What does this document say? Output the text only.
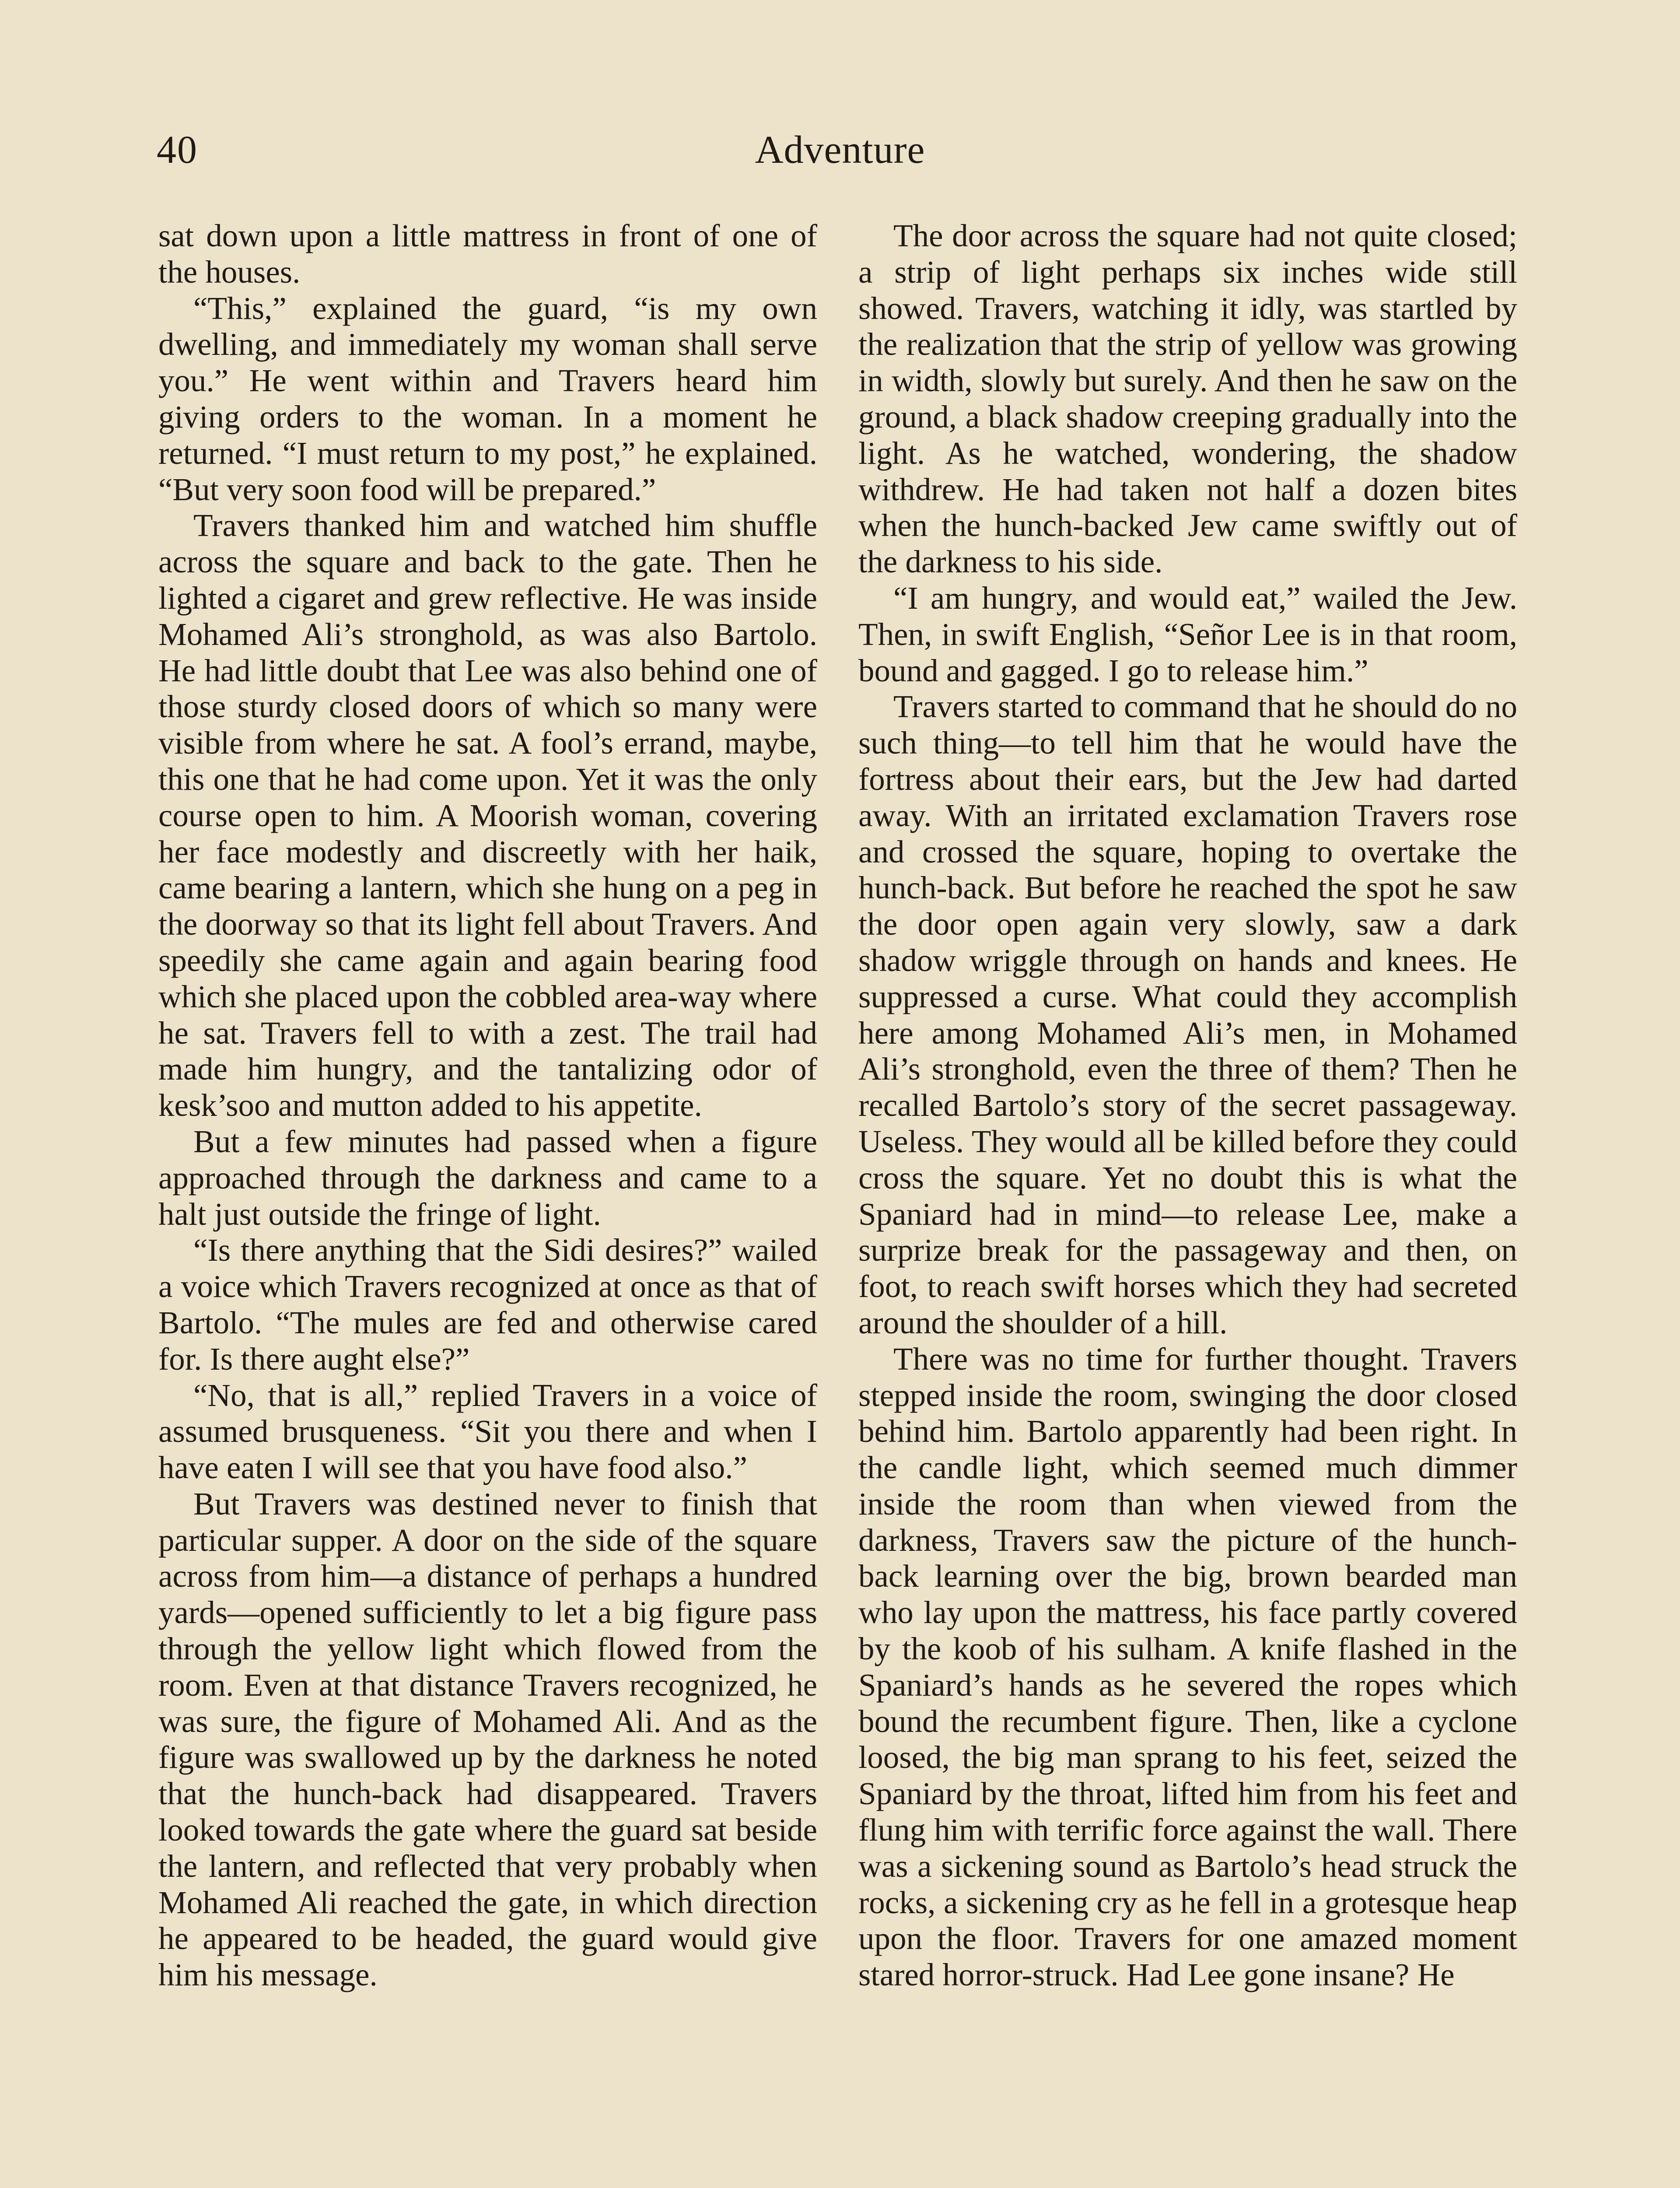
40	Adventure

sat down upon a little mattress in front of one of the houses.

“This,” explained the guard, “is my own dwelling, and immediately my woman shall serve you.” He went within and Travers heard him giving orders to the woman. In a moment he returned. “I must return to my post,” he explained. “But very soon food will be prepared.”

Travers thanked him and watched him shuffle across the square and back to the gate. Then he lighted a cigaret and grew reflective. He was inside Mohamed Ali’s stronghold, as was also Bartolo. He had little doubt that Lee was also behind one of those sturdy closed doors of which so many were visible from where he sat. A fool’s errand, maybe, this one that he had come upon. Yet it was the only course open to him. A Moorish woman, covering her face modestly and discreetly with her haik, came bearing a lantern, which she hung on a peg in the doorway so that its light fell about Travers. And speedily she came again and again bearing food which she placed upon the cobbled area-way where he sat. Travers fell to with a zest. The trail had made him hungry, and the tantalizing odor of kesk’soo and mutton added to his appetite.

But a few minutes had passed when a figure approached through the darkness and came to a halt just outside the fringe of light.

“Is there anything that the Sidi desires?” wailed a voice which Travers recognized at once as that of Bartolo. “The mules are fed and otherwise cared for. Is there aught else?”

“No, that is all,” replied Travers in a voice of assumed brusqueness. “Sit you there and when I have eaten I will see that you have food also.”

But Travers was destined never to finish that particular supper. A door on the side of the square across from him—a distance of perhaps a hundred yards—opened sufficiently to let a big figure pass through the yellow light which flowed from the room. Even at that distance Travers recognized, he was sure, the figure of Mohamed Ali. And as the figure was swallowed up by the darkness he noted that the hunch-back had disappeared. Travers looked towards the gate where the guard sat beside the lantern, and reflected that very probably when Mohamed Ali reached the gate, in which direction he appeared to be headed, the guard would give him his message.

The door across the square had not quite closed; a strip of light perhaps six inches wide still showed. Travers, watching it idly, was startled by the realization that the strip of yellow was growing in width, slowly but surely. And then he saw on the ground, a black shadow creeping gradually into the light. As he watched, wondering, the shadow withdrew. He had taken not half a dozen bites when the hunch-backed Jew came swiftly out of the darkness to his side.

“I am hungry, and would eat,” wailed the Jew. Then, in swift English, “Señor Lee is in that room, bound and gagged. I go to release him.”

Travers started to command that he should do no such thing—to tell him that he would have the fortress about their ears, but the Jew had darted away. With an irritated exclamation Travers rose and crossed the square, hoping to overtake the hunch-back. But before he reached the spot he saw the door open again very slowly, saw a dark shadow wriggle through on hands and knees. He suppressed a curse. What could they accomplish here among Mohamed Ali’s men, in Mohamed Ali’s stronghold, even the three of them? Then he recalled Bartolo’s story of the secret passageway. Useless. They would all be killed before they could cross the square. Yet no doubt this is what the Spaniard had in mind—to release Lee, make a surprize break for the passageway and then, on foot, to reach swift horses which they had secreted around the shoulder of a hill.

There was no time for further thought. Travers stepped inside the room, swinging the door closed behind him. Bartolo apparently had been right. In the candle light, which seemed much dimmer inside the room than when viewed from the darkness, Travers saw the picture of the hunch-back learning over the big, brown bearded man who lay upon the mattress, his face partly covered by the koob of his sulham. A knife flashed in the Spaniard’s hands as he severed the ropes which bound the recumbent figure. Then, like a cyclone loosed, the big man sprang to his feet, seized the Spaniard by the throat, lifted him from his feet and flung him with terrific force against the wall. There was a sickening sound as Bartolo’s head struck the rocks, a sickening cry as he fell in a grotesque heap upon the floor. Travers for one amazed moment stared horror-struck. Had Lee gone insane? He
